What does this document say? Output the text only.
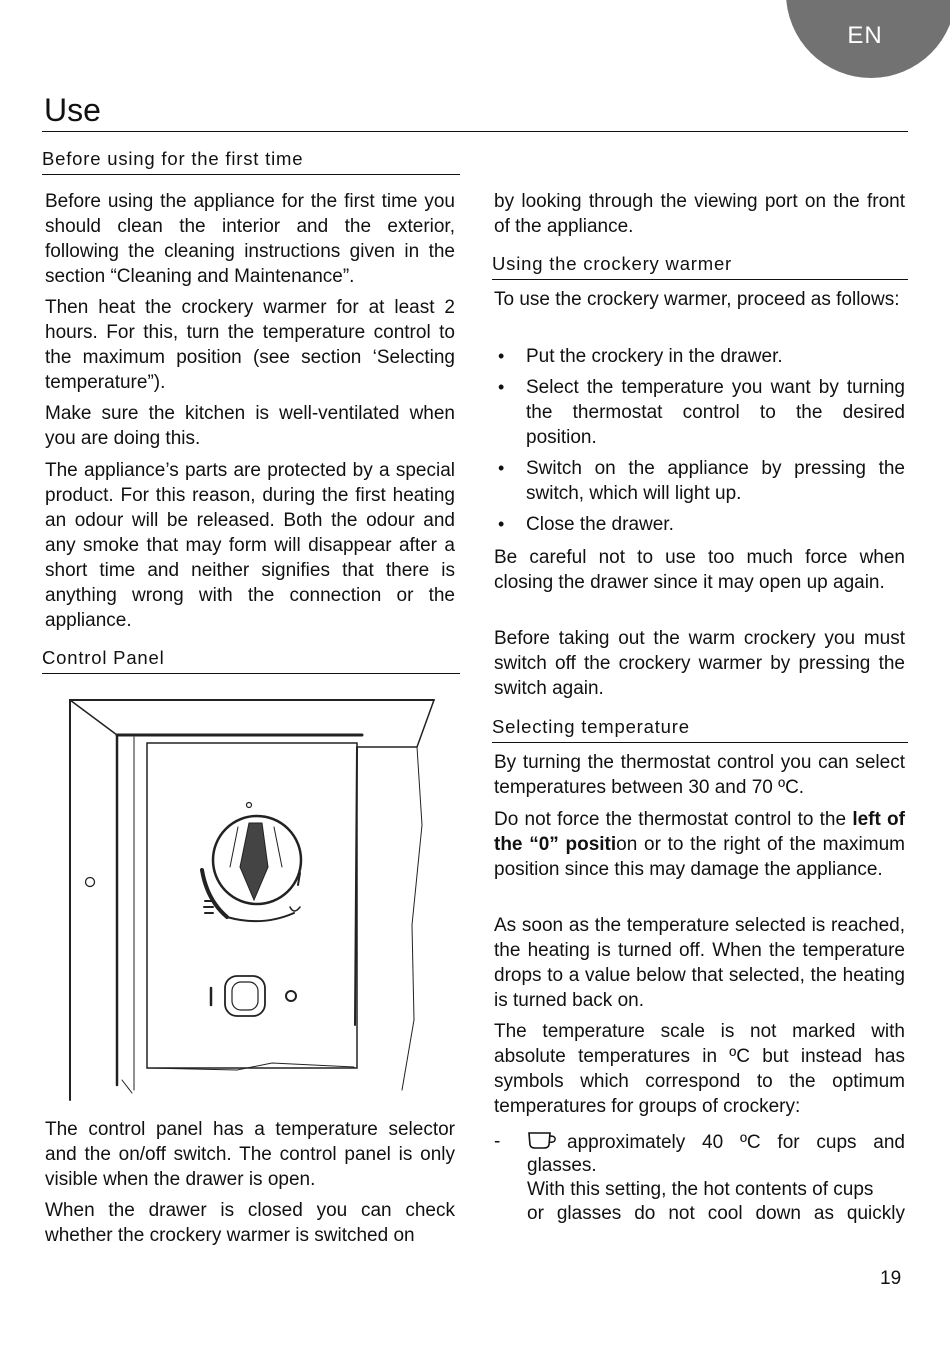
EN
Use
Before using for the first time

Before using the appliance for the first time you should clean the interior and the exterior, following the cleaning instructions given in the section “Cleaning and Maintenance”.

Then heat the crockery warmer for at least 2 hours. For this, turn the temperature control to the maximum position (see section ‘Selecting temperature”).

Make sure the kitchen is well-ventilated when you are doing this.

The appliance’s parts are protected by a special product. For this reason, during the first heating an odour will be released. Both the odour and any smoke that may form will disappear after a short time and neither signifies that there is anything wrong with the connection or the appliance.

Control Panel
0
I	O

The control panel has a temperature selector and the on/off switch. The control panel is only visible when the drawer is open.

When the drawer is closed you can check whether the crockery warmer is switched on

by looking through the viewing port on the front of the appliance.

Using the crockery warmer

To use the crockery warmer, proceed as follows:

• Put the crockery in the drawer.
• Select the temperature you want by turning the thermostat control to the desired position.
• Switch on the appliance by pressing the switch, which will light up.
• Close the drawer.

Be careful not to use too much force when closing the drawer since it may open up again.

Before taking out the warm crockery you must switch off the crockery warmer by pressing the switch again.

Selecting temperature

By turning the thermostat control you can select temperatures between 30 and 70 ºC.

Do not force the thermostat control to the left of the “0” position or to the right of the maximum position since this may damage the appliance.

As soon as the temperature selected is reached, the heating is turned off. When the temperature drops to a value below that selected, the heating is turned back on.

The temperature scale is not marked with absolute temperatures in ºC but instead has symbols which correspond to the optimum temperatures for groups of crockery:

-	approximately 40 ºC for cups and
glasses.
With this setting, the hot contents of cups
or glasses do not cool down as quickly
19
